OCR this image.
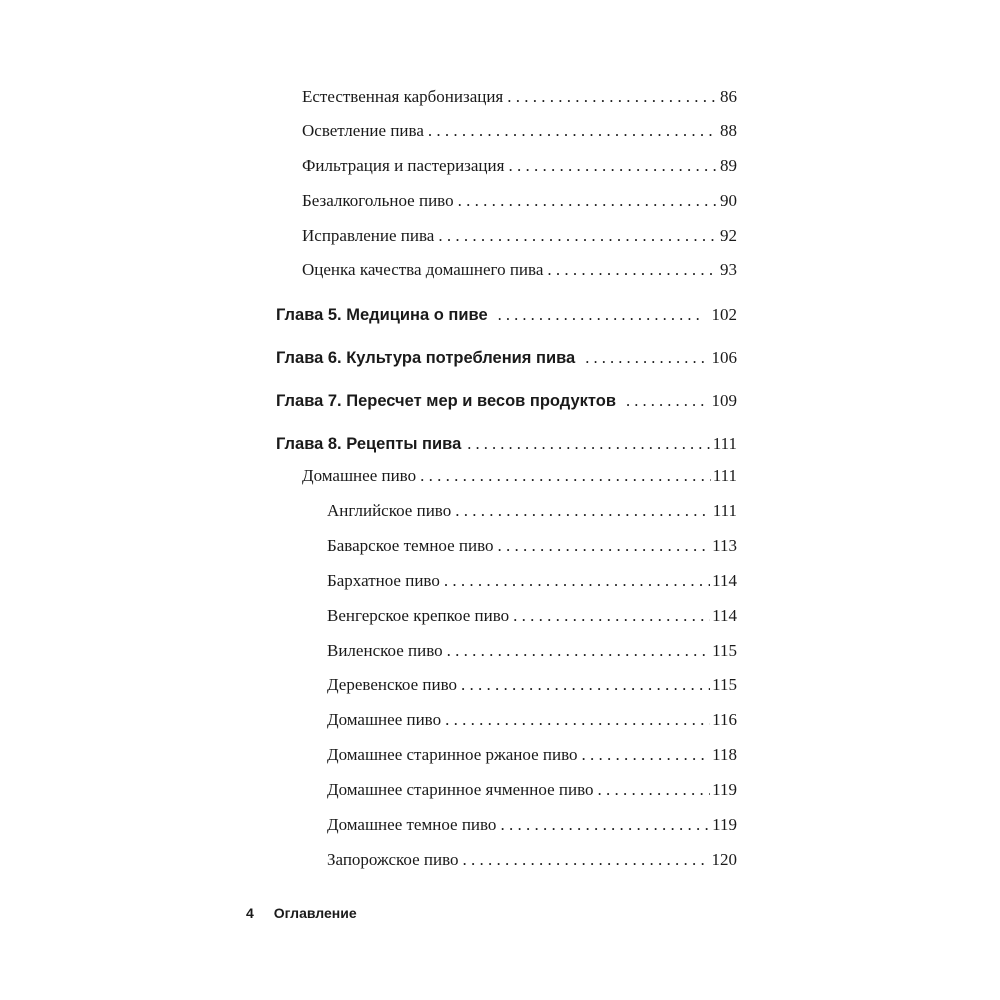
Естественная карбонизация . . .	86
Осветление пива . . .	88
Фильтрация и пастеризация . . .	89
Безалкогольное пиво . . .	90
Исправление пива . . .	92
Оценка качества домашнего пива . . .	93
Глава 5. Медицина о пиве . . .	102
Глава 6. Культура потребления пива . . .	106
Глава 7. Пересчет мер и весов продуктов . . .	109
Глава 8. Рецепты пива . . .	111
Домашнее пиво . . .	111
Английское пиво . . .	111
Баварское темное пиво . . .	113
Бархатное пиво . . .	114
Венгерское крепкое пиво . . .	114
Виленское пиво . . .	115
Деревенское пиво . . .	115
Домашнее пиво . . .	116
Домашнее старинное ржаное пиво . . .	118
Домашнее старинное ячменное пиво . . .	119
Домашнее темное пиво . . .	119
Запорожское пиво . . .	120
4 Оглавление
